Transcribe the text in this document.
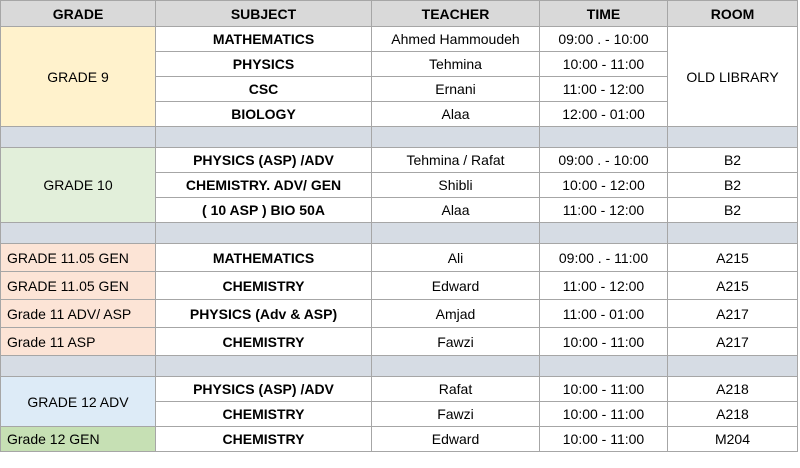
GRADE	SUBJECT	TEACHER	TIME	ROOM
GRADE 9	MATHEMATICS	Ahmed Hammoudeh	09:00 . - 10:00	OLD LIBRARY
	PHYSICS	Tehmina	10:00 - 11:00	
	CSC	Ernani	11:00 - 12:00	
	BIOLOGY	Alaa	12:00 - 01:00	

GRADE 10	PHYSICS (ASP) /ADV	Tehmina / Rafat	09:00 . - 10:00	B2
	CHEMISTRY. ADV/ GEN	Shibli	10:00 - 12:00	B2
	( 10 ASP ) BIO 50A	Alaa	11:00 - 12:00	B2

GRADE 11.05 GEN	MATHEMATICS	Ali	09:00 . - 11:00	A215
GRADE 11.05 GEN	CHEMISTRY	Edward	11:00 - 12:00	A215
Grade 11 ADV/ ASP	PHYSICS (Adv & ASP)	Amjad	11:00 - 01:00	A217
Grade 11 ASP	CHEMISTRY	Fawzi	10:00 - 11:00	A217

GRADE 12 ADV	PHYSICS (ASP) /ADV	Rafat	10:00 - 11:00	A218
	CHEMISTRY	Fawzi	10:00 - 11:00	A218
Grade 12 GEN	CHEMISTRY	Edward	10:00 - 11:00	M204
